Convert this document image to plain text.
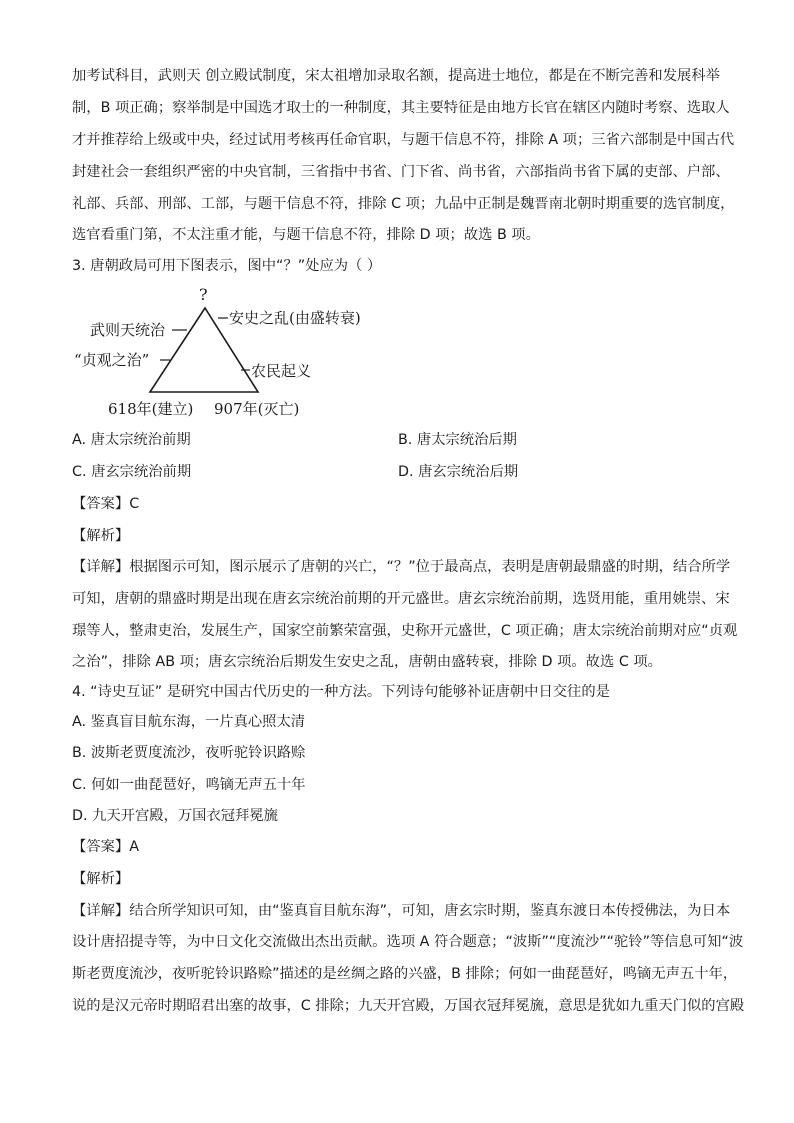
加考试科目，武则天 创立殿试制度，宋太祖增加录取名额，提高进士地位，都是在不断完善和发展科举
制，B 项正确；察举制是中国选才取士的一种制度，其主要特征是由地方长官在辖区内随时考察、选取人
才并推荐给上级或中央，经过试用考核再任命官职，与题干信息不符，排除 A 项；三省六部制是中国古代
封建社会一套组织严密的中央官制，三省指中书省、门下省、尚书省，六部指尚书省下属的吏部、户部、
礼部、兵部、刑部、工部，与题干信息不符，排除 C 项；九品中正制是魏晋南北朝时期重要的选官制度，
选官看重门第，不太注重才能，与题干信息不符，排除 D 项；故选 B 项。
3. 唐朝政局可用下图表示，图中“？”处应为（ ）
?
武则天统治
“贞观之治”
安史之乱(由盛转衰)
农民起义
618年(建立) 907年(灭亡)
A. 唐太宗统治前期	B. 唐太宗统治后期
C. 唐玄宗统治前期	D. 唐玄宗统治后期
【答案】C
【解析】
【详解】根据图示可知，图示展示了唐朝的兴亡，“？”位于最高点，表明是唐朝最鼎盛的时期，结合所学
可知，唐朝的鼎盛时期是出现在唐玄宗统治前期的开元盛世。唐玄宗统治前期，选贤用能，重用姚崇、宋
璟等人，整肃吏治，发展生产，国家空前繁荣富强，史称开元盛世，C 项正确；唐太宗统治前期对应“贞观
之治”，排除 AB 项；唐玄宗统治后期发生安史之乱，唐朝由盛转衰，排除 D 项。故选 C 项。
4. “诗史互证” 是研究中国古代历史的一种方法。下列诗句能够补证唐朝中日交往的是
A. 鉴真盲目航东海，一片真心照太清
B. 波斯老贾度流沙，夜听驼铃识路赊
C. 何如一曲琵琶好，鸣镝无声五十年
D. 九天开宫殿，万国衣冠拜冕旒
【答案】A
【解析】
【详解】结合所学知识可知，由“鉴真盲目航东海”，可知，唐玄宗时期，鉴真东渡日本传授佛法，为日本
设计唐招提寺等，为中日文化交流做出杰出贡献。选项 A 符合题意；“波斯”“度流沙”“驼铃”等信息可知“波
斯老贾度流沙，夜听驼铃识路赊”描述的是丝绸之路的兴盛，B 排除；何如一曲琵琶好，鸣镝无声五十年，
说的是汉元帝时期昭君出塞的故事，C 排除；九天开宫殿，万国衣冠拜冕旒，意思是犹如九重天门似的宫殿
